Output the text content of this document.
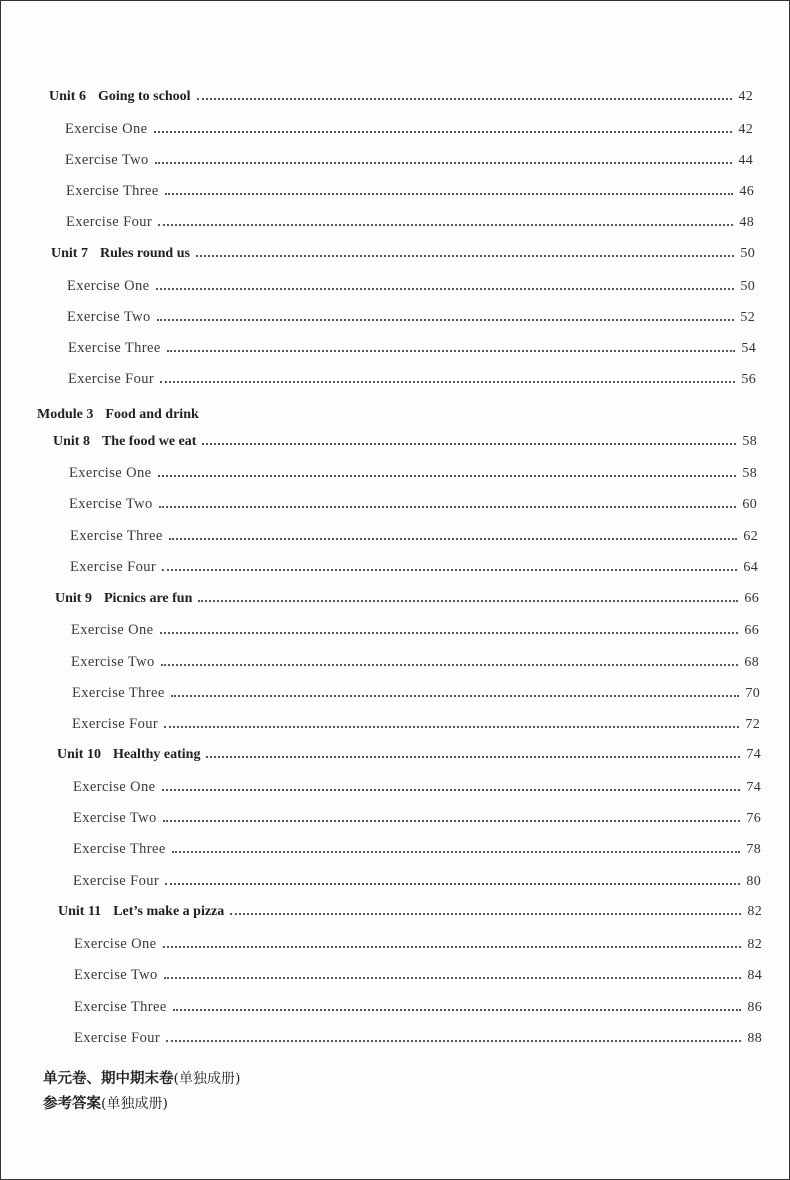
Unit 6 Going to school	42
Exercise One	42
Exercise Two	44
Exercise Three	46
Exercise Four	48
Unit 7 Rules round us	50
Exercise One	50
Exercise Two	52
Exercise Three	54
Exercise Four	56
Module 3 Food and drink
Unit 8 The food we eat	58
Exercise One	58
Exercise Two	60
Exercise Three	62
Exercise Four	64
Unit 9 Picnics are fun	66
Exercise One	66
Exercise Two	68
Exercise Three	70
Exercise Four	72
Unit 10 Healthy eating	74
Exercise One	74
Exercise Two	76
Exercise Three	78
Exercise Four	80
Unit 11 Let’s make a pizza	82
Exercise One	82
Exercise Two	84
Exercise Three	86
Exercise Four	88
单元卷、期中期末卷(单独成册)
参考答案(单独成册)
